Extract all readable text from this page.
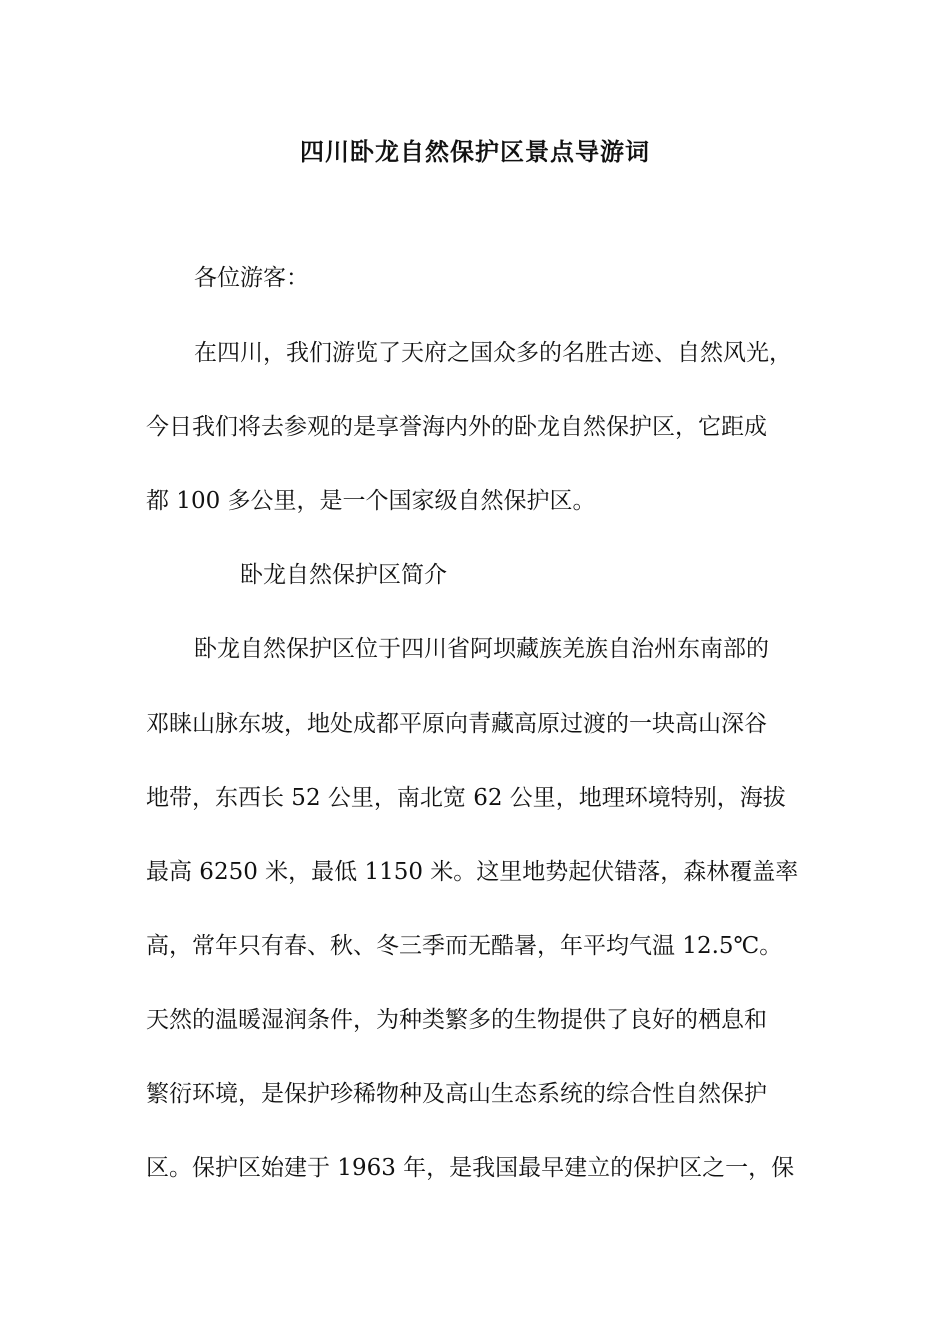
四川卧龙自然保护区景点导游词
各位游客：
在四川，我们游览了天府之国众多的名胜古迹、自然风光，
今日我们将去参观的是享誉海内外的卧龙自然保护区，它距成
都 100 多公里，是一个国家级自然保护区。
卧龙自然保护区简介
卧龙自然保护区位于四川省阿坝藏族羌族自治州东南部的
邓睐山脉东坡，地处成都平原向青藏高原过渡的一块高山深谷
地带，东西长 52 公里，南北宽 62 公里，地理环境特别，海拔
最高 6250 米，最低 1150 米。这里地势起伏错落，森林覆盖率
高，常年只有春、秋、冬三季而无酷暑，年平均气温 12.5℃。
天然的温暖湿润条件，为种类繁多的生物提供了良好的栖息和
繁衍环境，是保护珍稀物种及高山生态系统的综合性自然保护
区。保护区始建于 1963 年，是我国最早建立的保护区之一，保
